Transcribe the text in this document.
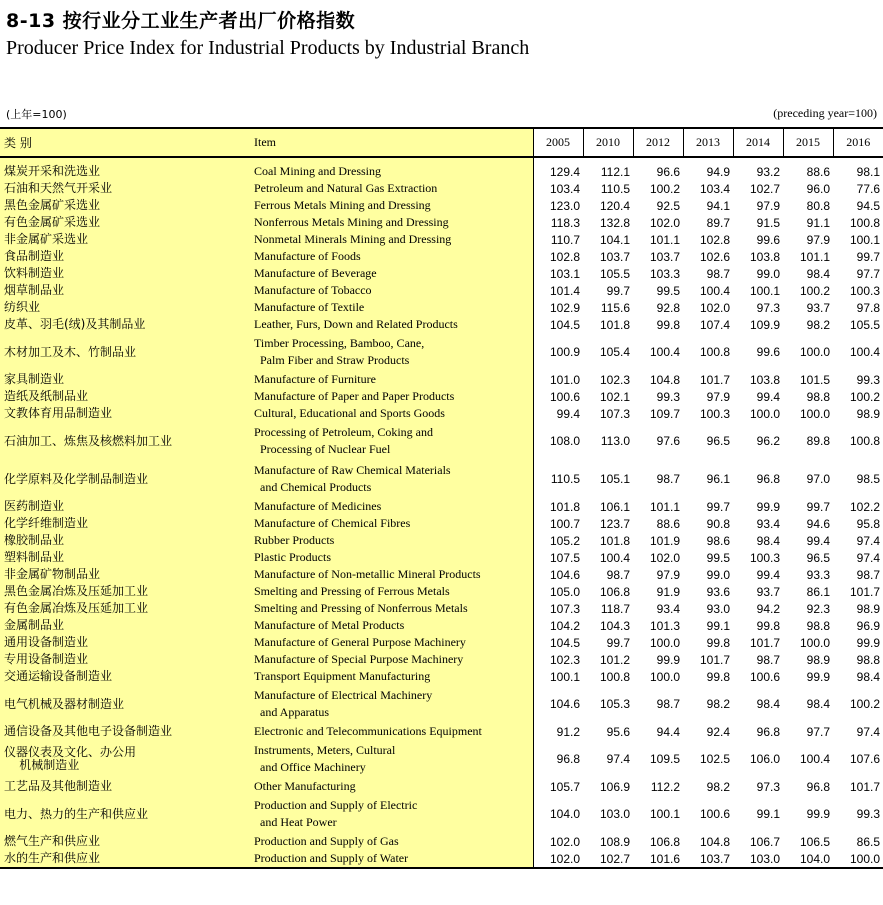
8-13 按行业分工业生产者出厂价格指数
Producer Price Index for Industrial Products by Industrial Branch
(上年=100)	(preceding year=100)
类 别	Item	2005	2010	2012	2013	2014	2015	2016

煤炭开采和洗选业	Coal Mining and Dressing	129.4	112.1	96.6	94.9	93.2	88.6	98.1
石油和天然气开采业	Petroleum and Natural Gas Extraction	103.4	110.5	100.2	103.4	102.7	96.0	77.6
黑色金属矿采选业	Ferrous Metals Mining and Dressing	123.0	120.4	92.5	94.1	97.9	80.8	94.5
有色金属矿采选业	Nonferrous Metals Mining and Dressing	118.3	132.8	102.0	89.7	91.5	91.1	100.8
非金属矿采选业	Nonmetal Minerals Mining and Dressing	110.7	104.1	101.1	102.8	99.6	97.9	100.1
食品制造业	Manufacture of Foods	102.8	103.7	103.7	102.6	103.8	101.1	99.7
饮料制造业	Manufacture of Beverage	103.1	105.5	103.3	98.7	99.0	98.4	97.7
烟草制品业	Manufacture of Tobacco	101.4	99.7	99.5	100.4	100.1	100.2	100.3
纺织业	Manufacture of Textile	102.9	115.6	92.8	102.0	97.3	93.7	97.8
皮革、羽毛(绒)及其制品业	Leather, Furs, Down and Related Products	104.5	101.8	99.8	107.4	109.9	98.2	105.5
木材加工及木、竹制品业	Timber Processing, Bamboo, Cane,
Palm Fiber and Straw Products	100.9	105.4	100.4	100.8	99.6	100.0	100.4
家具制造业	Manufacture of Furniture	101.0	102.3	104.8	101.7	103.8	101.5	99.3
造纸及纸制品业	Manufacture of Paper and Paper Products	100.6	102.1	99.3	97.9	99.4	98.8	100.2
文教体育用品制造业	Cultural, Educational and Sports Goods	99.4	107.3	109.7	100.3	100.0	100.0	98.9
石油加工、炼焦及核燃料加工业	Processing of Petroleum, Coking and
Processing of Nuclear Fuel	108.0	113.0	97.6	96.5	96.2	89.8	100.8
化学原料及化学制品制造业	Manufacture of Raw Chemical Materials
and Chemical Products	110.5	105.1	98.7	96.1	96.8	97.0	98.5
医药制造业	Manufacture of Medicines	101.8	106.1	101.1	99.7	99.9	99.7	102.2
化学纤维制造业	Manufacture of Chemical Fibres	100.7	123.7	88.6	90.8	93.4	94.6	95.8
橡胶制品业	Rubber Products	105.2	101.8	101.9	98.6	98.4	99.4	97.4
塑料制品业	Plastic Products	107.5	100.4	102.0	99.5	100.3	96.5	97.4
非金属矿物制品业	Manufacture of Non-metallic Mineral Products	104.6	98.7	97.9	99.0	99.4	93.3	98.7
黑色金属冶炼及压延加工业	Smelting and Pressing of Ferrous Metals	105.0	106.8	91.9	93.6	93.7	86.1	101.7
有色金属冶炼及压延加工业	Smelting and Pressing of Nonferrous Metals	107.3	118.7	93.4	93.0	94.2	92.3	98.9
金属制品业	Manufacture of Metal Products	104.2	104.3	101.3	99.1	99.8	98.8	96.9
通用设备制造业	Manufacture of General Purpose Machinery	104.5	99.7	100.0	99.8	101.7	100.0	99.9
专用设备制造业	Manufacture of Special Purpose Machinery	102.3	101.2	99.9	101.7	98.7	98.9	98.8
交通运输设备制造业	Transport Equipment Manufacturing	100.1	100.8	100.0	99.8	100.6	99.9	98.4
电气机械及器材制造业	Manufacture of Electrical Machinery
and Apparatus	104.6	105.3	98.7	98.2	98.4	98.4	100.2
通信设备及其他电子设备制造业	Electronic and Telecommunications Equipment	91.2	95.6	94.4	92.4	96.8	97.7	97.4
仪器仪表及文化、办公用
机械制造业	Instruments, Meters, Cultural
and Office Machinery	96.8	97.4	109.5	102.5	106.0	100.4	107.6
工艺品及其他制造业	Other Manufacturing	105.7	106.9	112.2	98.2	97.3	96.8	101.7
电力、热力的生产和供应业	Production and Supply of Electric
and Heat Power	104.0	103.0	100.1	100.6	99.1	99.9	99.3
燃气生产和供应业	Production and Supply of Gas	102.0	108.9	106.8	104.8	106.7	106.5	86.5
水的生产和供应业	Production and Supply of Water	102.0	102.7	101.6	103.7	103.0	104.0	100.0
